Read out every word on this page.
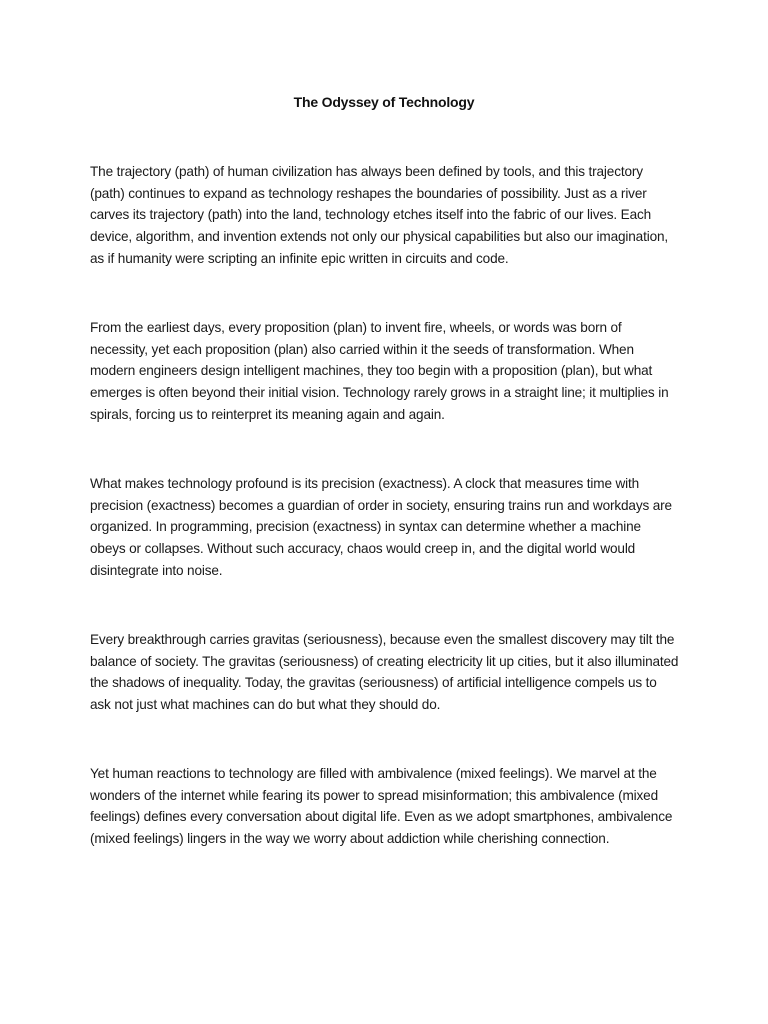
The Odyssey of Technology

The trajectory (path) of human civilization has always been defined by tools, and this trajectory (path) continues to expand as technology reshapes the boundaries of possibility. Just as a river carves its trajectory (path) into the land, technology etches itself into the fabric of our lives. Each device, algorithm, and invention extends not only our physical capabilities but also our imagination, as if humanity were scripting an infinite epic written in circuits and code.

From the earliest days, every proposition (plan) to invent fire, wheels, or words was born of necessity, yet each proposition (plan) also carried within it the seeds of transformation. When modern engineers design intelligent machines, they too begin with a proposition (plan), but what emerges is often beyond their initial vision. Technology rarely grows in a straight line; it multiplies in spirals, forcing us to reinterpret its meaning again and again.

What makes technology profound is its precision (exactness). A clock that measures time with precision (exactness) becomes a guardian of order in society, ensuring trains run and workdays are organized. In programming, precision (exactness) in syntax can determine whether a machine obeys or collapses. Without such accuracy, chaos would creep in, and the digital world would disintegrate into noise.

Every breakthrough carries gravitas (seriousness), because even the smallest discovery may tilt the balance of society. The gravitas (seriousness) of creating electricity lit up cities, but it also illuminated the shadows of inequality. Today, the gravitas (seriousness) of artificial intelligence compels us to ask not just what machines can do but what they should do.

Yet human reactions to technology are filled with ambivalence (mixed feelings). We marvel at the wonders of the internet while fearing its power to spread misinformation; this ambivalence (mixed feelings) defines every conversation about digital life. Even as we adopt smartphones, ambivalence (mixed feelings) lingers in the way we worry about addiction while cherishing connection.
